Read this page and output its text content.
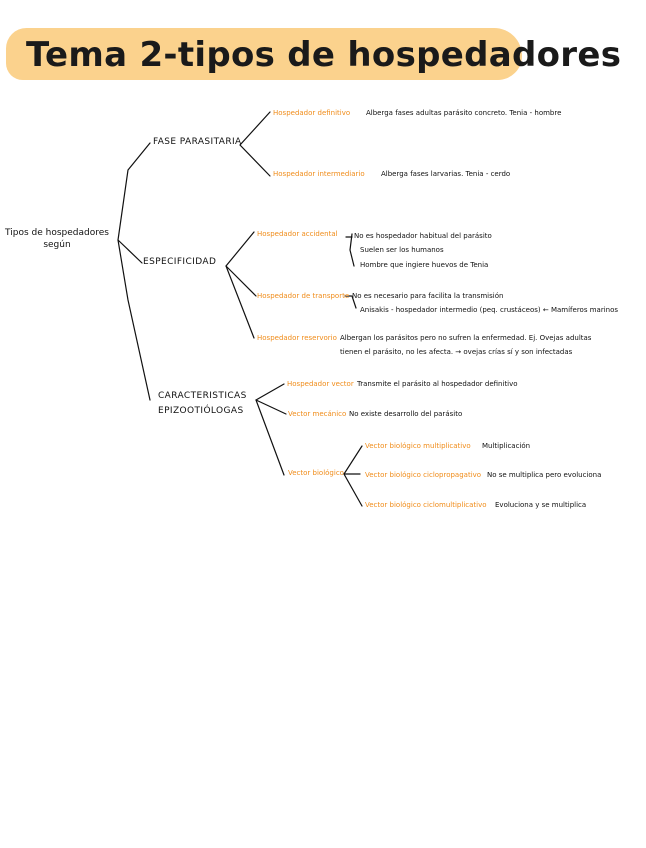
Tema 2-tipos de hospedadores
Tipos de hospedadores
según
FASE PARASITARIA
Hospedador definitivo Alberga fases adultas parásito concreto. Tenia - hombre
Hospedador intermediario Alberga fases larvarias. Tenia - cerdo
ESPECIFICIDAD
Hospedador accidental No es hospedador habitual del parásito
Suelen ser los humanos
Hombre que ingiere huevos de Tenia
Hospedador de transporte No es necesario para facilita la transmisión
Anisakis - hospedador intermedio (peq. crustáceos) ← Mamíferos marinos
Hospedador reservorio Albergan los parásitos pero no sufren la enfermedad. Ej. Ovejas adultas
tienen el parásito, no les afecta. → ovejas crías sí y son infectadas
CARACTERISTICAS
EPIZOOTIÓLOGAS
Hospedador vector Transmite el parásito al hospedador definitivo
Vector mecánico No existe desarrollo del parásito
Vector biológico
Vector biológico multiplicativo Multiplicación
Vector biológico ciclopropagativo No se multiplica pero evoluciona
Vector biológico ciclomultiplicativo Evoluciona y se multiplica
